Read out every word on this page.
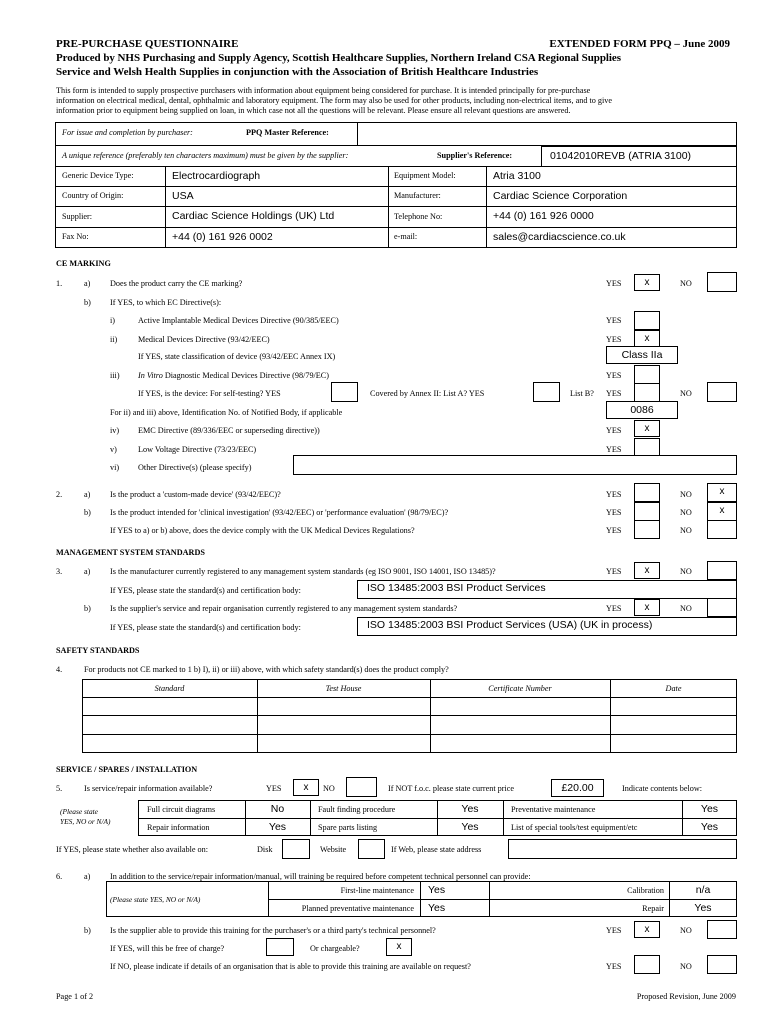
PRE-PURCHASE QUESTIONNAIRE	EXTENDED FORM PPQ – June 2009
Produced by NHS Purchasing and Supply Agency, Scottish Healthcare Supplies, Northern Ireland CSA Regional Supplies
Service and Welsh Health Supplies in conjunction with the Association of British Healthcare Industries
This form is intended to supply prospective purchasers with information about equipment being considered for purchase. It is intended principally for pre-purchase
information on electrical medical, dental, ophthalmic and laboratory equipment. The form may also be used for other products, including non-electrical items, and to give
information prior to equipment being supplied on loan, in which case not all the questions will be relevant. Please ensure all relevant questions are answered.
For issue and completion by purchaser:	PPQ Master Reference:
A unique reference (preferably ten characters maximum) must be given by the supplier:	Supplier's Reference:	01042010REVB (ATRIA 3100)
Generic Device Type:	Electrocardiograph	Equipment Model:	Atria 3100
Country of Origin:	USA	Manufacturer:	Cardiac Science Corporation
Supplier:	Cardiac Science Holdings (UK) Ltd	Telephone No:	+44 (0) 161 926 0000
Fax No:	+44 (0) 161 926 0002	e-mail:	sales@cardiacscience.co.uk
CE MARKING
1.	a) Does the product carry the CE marking?	YES	x	NO
b) If YES, to which EC Directive(s):
i)	Active Implantable Medical Devices Directive (90/385/EEC)	YES
ii)	Medical Devices Directive (93/42/EEC)	YES	x
If YES, state classification of device (93/42/EEC Annex IX)	Class IIa
iii) In Vitro Diagnostic Medical Devices Directive (98/79/EC)	YES
If YES, is the device: For self-testing? YES	Covered by Annex II: List A? YES	List B? YES	NO
For ii) and iii) above, Identification No. of Notified Body, if applicable	0086
iv) EMC Directive (89/336/EEC or superseding directive))	YES	x
v)	Low Voltage Directive (73/23/EEC)	YES
vi) Other Directive(s) (please specify)
2.	a) Is the product a 'custom-made device' (93/42/EEC)?	YES	NO	x
b) Is the product intended for 'clinical investigation' (93/42/EEC) or 'performance evaluation' (98/79/EC)?	YES	NO	x
If YES to a) or b) above, does the device comply with the UK Medical Devices Regulations?	YES	NO
MANAGEMENT SYSTEM STANDARDS
3.	a) Is the manufacturer currently registered to any management system standards (eg ISO 9001, ISO 14001, ISO 13485)?	YES	x	NO
If YES, please state the standard(s) and certification body:	ISO 13485:2003 BSI Product Services
b) Is the supplier's service and repair organisation currently registered to any management system standards?	YES	x	NO
If YES, please state the standard(s) and certification body:	ISO 13485:2003 BSI Product Services (USA) (UK in process)
SAFETY STANDARDS
4.	For products not CE marked to 1 b) I), ii) or iii) above, with which safety standard(s) does the product comply?
Standard	Test House	Certificate Number	Date
SERVICE / SPARES / INSTALLATION
5.	Is service/repair information available?	YES	x	NO	If NOT f.o.c. please state current price	£20.00	Indicate contents below:
(Please state
YES, NO or N/A)
Full circuit diagrams	No	Fault finding procedure	Yes	Preventative maintenance	Yes
Repair information	Yes	Spare parts listing	Yes	List of special tools/test equipment/etc	Yes
If YES, please state whether also available on:	Disk	Website	If Web, please state address
6.	a) In addition to the service/repair information/manual, will training be required before competent technical personnel can provide:
(Please state YES, NO or N/A)
First-line maintenance Yes	Calibration	n/a
Planned preventative maintenance Yes	Repair	Yes
b) Is the supplier able to provide this training for the purchaser's or a third party's technical personnel?	YES	x	NO
If YES, will this be free of charge?	Or chargeable?	x
If NO, please indicate if details of an organisation that is able to provide this training are available on request?	YES	NO
Page 1 of 2	Proposed Revision, June 2009
